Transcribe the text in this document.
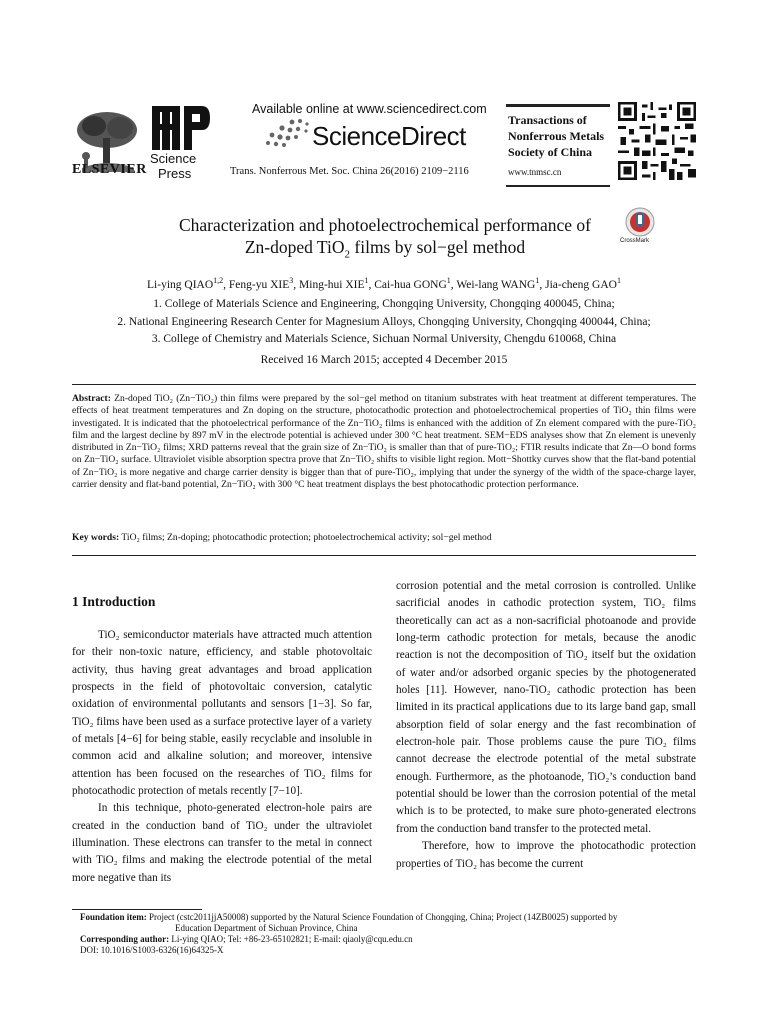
ELSEVIER
Science
Press
Available online at www.sciencedirect.com
ScienceDirect
Trans. Nonferrous Met. Soc. China 26(2016) 2109−2116
Transactions of Nonferrous Metals Society of China
www.tnmsc.cn
Characterization and photoelectrochemical performance of
Zn-doped TiO$_2$ films by sol−gel method	CrossMark
Li-ying QIAO$^{1,2}$, Feng-yu XIE$^3$, Ming-hui XIE$^1$, Cai-hua GONG$^1$, Wei-lang WANG$^1$, Jia-cheng GAO$^1$
1. College of Materials Science and Engineering, Chongqing University, Chongqing 400045, China;
2. National Engineering Research Center for Magnesium Alloys, Chongqing University, Chongqing 400044, China;
3. College of Chemistry and Materials Science, Sichuan Normal University, Chengdu 610068, China
Received 16 March 2015; accepted 4 December 2015
Abstract: Zn-doped TiO₂ (Zn−TiO₂) thin films were prepared by the sol−gel method on titanium substrates with heat treatment at different temperatures. The effects of heat treatment temperatures and Zn doping on the structure, photocathodic protection and photoelectrochemical properties of TiO₂ thin films were investigated. It is indicated that the photoelectrical performance of the Zn−TiO₂ films is enhanced with the addition of Zn element compared with the pure-TiO₂ film and the largest decline by 897 mV in the electrode potential is achieved under 300 °C heat treatment. SEM−EDS analyses show that Zn element is unevenly distributed in Zn−TiO₂ films; XRD patterns reveal that the grain size of Zn−TiO₂ is smaller than that of pure-TiO₂; FTIR results indicate that Zn—O bond forms on Zn−TiO₂ surface. Ultraviolet visible absorption spectra prove that Zn−TiO₂ shifts to visible light region. Mott−Shottky curves show that the flat-band potential of Zn−TiO₂ is more negative and charge carrier density is bigger than that of pure-TiO₂, implying that under the synergy of the width of the space-charge layer, carrier density and flat-band potential, Zn−TiO₂ with 300 °C heat treatment displays the best photocathodic protection performance.
Key words: TiO₂ films; Zn-doping; photocathodic protection; photoelectrochemical activity; sol−gel method
1 Introduction

TiO₂ semiconductor materials have attracted much attention for their non-toxic nature, efficiency, and stable photovoltaic activity, thus having great advantages and broad application prospects in the field of photovoltaic conversion, catalytic oxidation of environmental pollutants and sensors [1−3]. So far, TiO₂ films have been used as a surface protective layer of a variety of metals [4−6] for being stable, easily recyclable and insoluble in common acid and alkaline solution; and moreover, intensive attention has been focused on the researches of TiO₂ films for photocathodic protection of metals recently [7−10].

In this technique, photo-generated electron-hole pairs are created in the conduction band of TiO₂ under the ultraviolet illumination. These electrons can transfer to the metal in connect with TiO₂ films and making the electrode potential of the metal more negative than its

corrosion potential and the metal corrosion is controlled. Unlike sacrificial anodes in cathodic protection system, TiO₂ films theoretically can act as a non-sacrificial photoanode and provide long-term cathodic protection for metals, because the anodic reaction is not the decomposition of TiO₂ itself but the oxidation of water and/or adsorbed organic species by the photogenerated holes [11]. However, nano-TiO₂ cathodic protection has been limited in its practical applications due to its large band gap, small absorption field of solar energy and the fast recombination of electron-hole pair. Those problems cause the pure TiO₂ films cannot decrease the electrode potential of the metal substrate enough. Furthermore, as the photoanode, TiO₂’s conduction band potential should be lower than the corrosion potential of the metal which is to be protected, to make sure photo-generated electrons from the conduction band transfer to the protected metal.

Therefore, how to improve the photocathodic protection properties of TiO₂ has become the current

Foundation item: Project (cstc2011jjA50008) supported by the Natural Science Foundation of Chongqing, China; Project (14ZB0025) supported by
Education Department of Sichuan Province, China
Corresponding author: Li-ying QIAO; Tel: +86-23-65102821; E-mail: qiaoly@cqu.edu.cn
DOI: 10.1016/S1003-6326(16)64325-X
